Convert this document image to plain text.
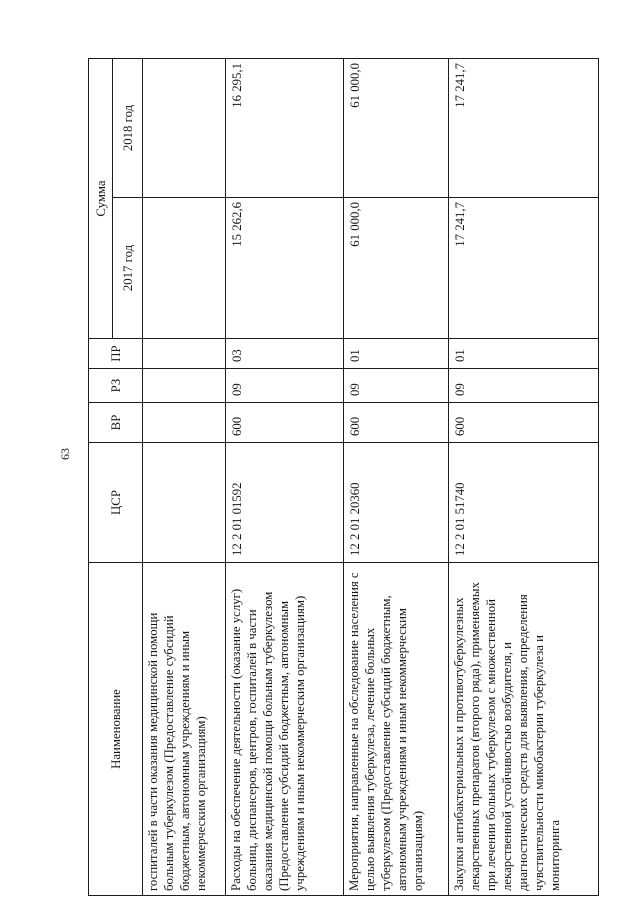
63
Наименование	ЦСР	ВР	РЗ	ПР	Сумма	
					2017 год	2018 год
госпиталей в части оказания медицинской помощи больным туберкулезом (Предоставление субсидий бюджетным, автономным учреждениям и иным некоммерческим организациям)						
Расходы на обеспечение деятельности (оказание услуг) больниц, диспансеров, центров, госпиталей в части оказания медицинской помощи больным туберкулезом (Предоставление субсидий бюджетным, автономным учреждениям и иным некоммерческим организациям)	12 2 01 01592	600	09	03	15 262,6	16 295,1
Мероприятия, направленные на обследование населения с целью выявления туберкулеза, лечение больных туберкулезом (Предоставление субсидий бюджетным, автономным учреждениям и иным некоммерческим организациям)	12 2 01 20360	600	09	01	61 000,0	61 000,0
Закупки антибактериальных и противотуберкулезных лекарственных препаратов (второго ряда), применяемых при лечении больных туберкулезом с множественной лекарственной устойчивостью возбудителя, и диагностических средств для выявления, определения чувствительности микобактерии туберкулеза и мониторинга	12 2 01 51740	600	09	01	17 241,7	17 241,7
